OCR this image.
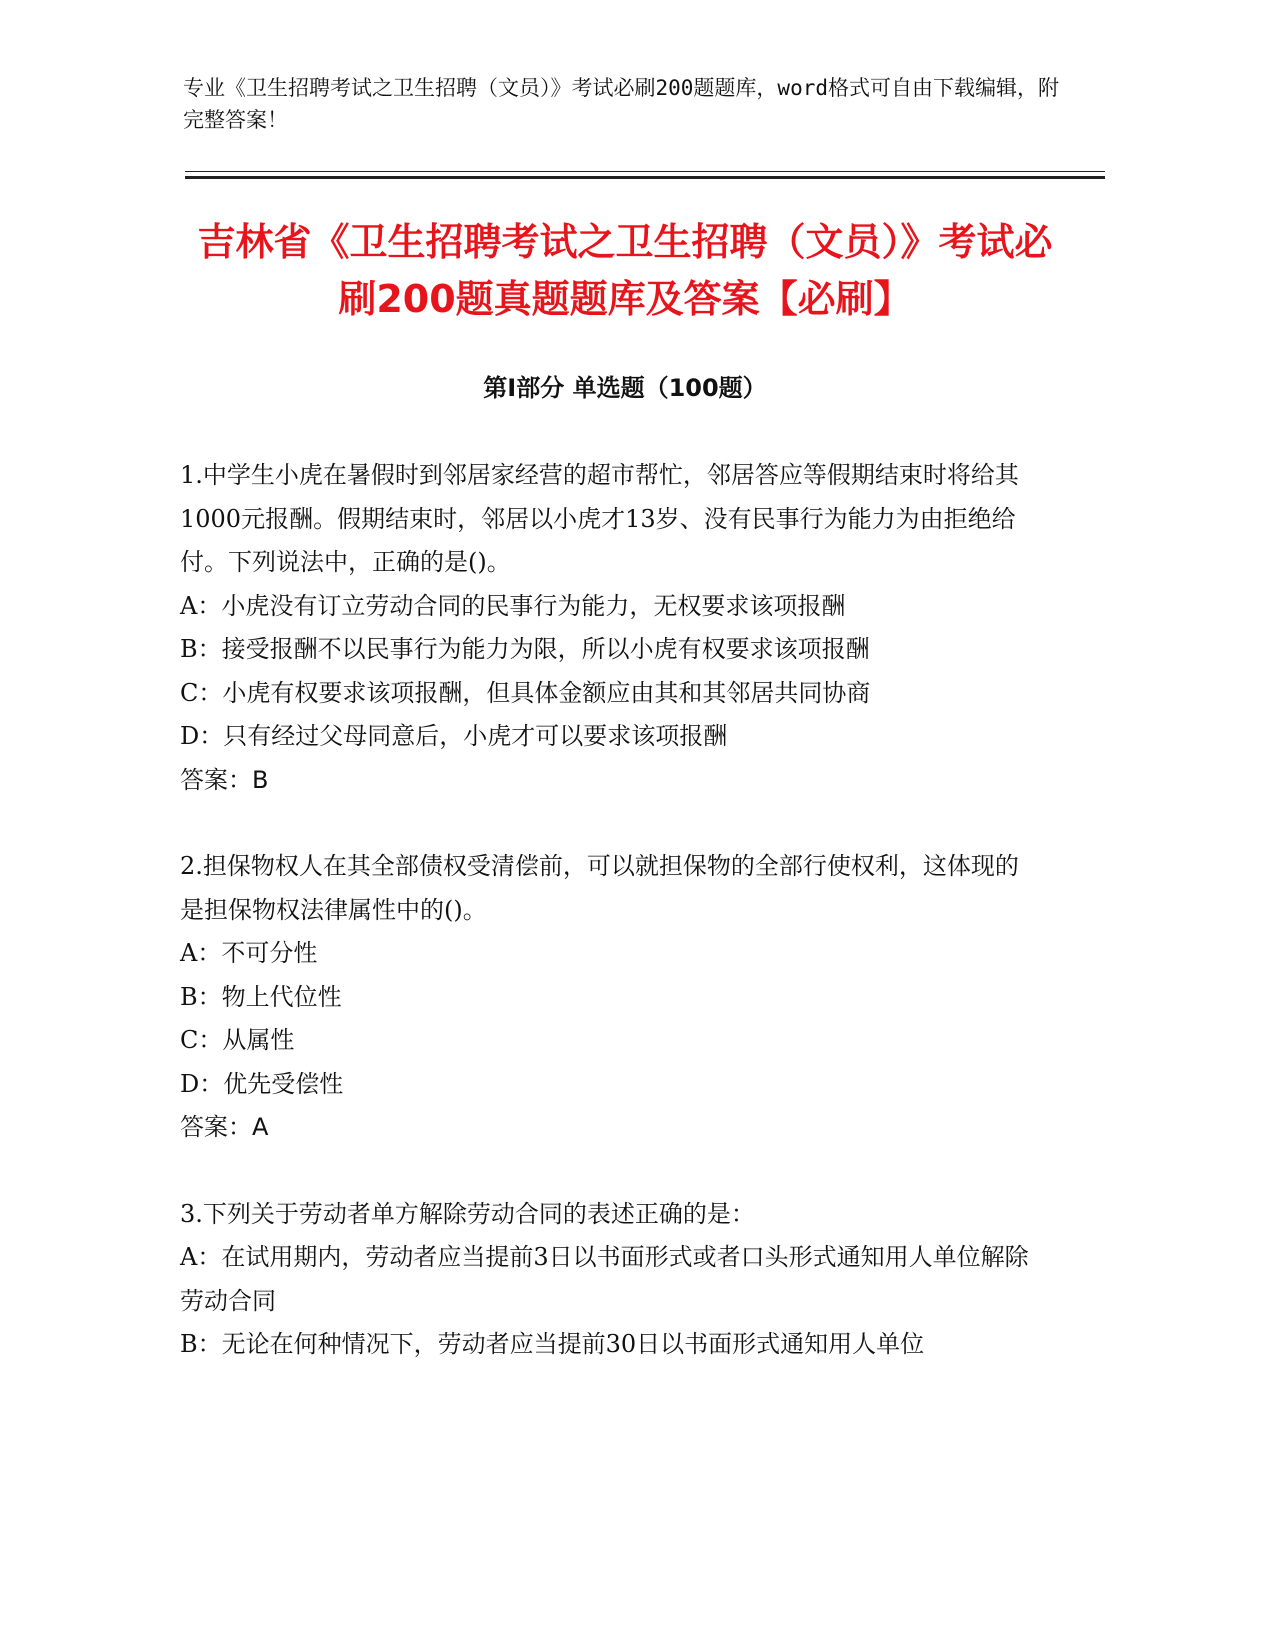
专业《卫生招聘考试之卫生招聘（文员）》考试必刷200题题库，word格式可自由下载编辑，附完整答案！
吉林省《卫生招聘考试之卫生招聘（文员）》考试必刷200题真题题库及答案【必刷】
第Ⅰ部分 单选题（100题）

1.中学生小虎在暑假时到邻居家经营的超市帮忙，邻居答应等假期结束时将给其1000元报酬。假期结束时，邻居以小虎才13岁、没有民事行为能力为由拒绝给付。下列说法中，正确的是()。

A：小虎没有订立劳动合同的民事行为能力，无权要求该项报酬

B：接受报酬不以民事行为能力为限，所以小虎有权要求该项报酬

C：小虎有权要求该项报酬，但具体金额应由其和其邻居共同协商

D：只有经过父母同意后，小虎才可以要求该项报酬

答案：B

2.担保物权人在其全部债权受清偿前，可以就担保物的全部行使权利，这体现的是担保物权法律属性中的()。

A：不可分性

B：物上代位性

C：从属性

D：优先受偿性

答案：A

3.下列关于劳动者单方解除劳动合同的表述正确的是：

A：在试用期内，劳动者应当提前3日以书面形式或者口头形式通知用人单位解除劳动合同

B：无论在何种情况下，劳动者应当提前30日以书面形式通知用人单位
